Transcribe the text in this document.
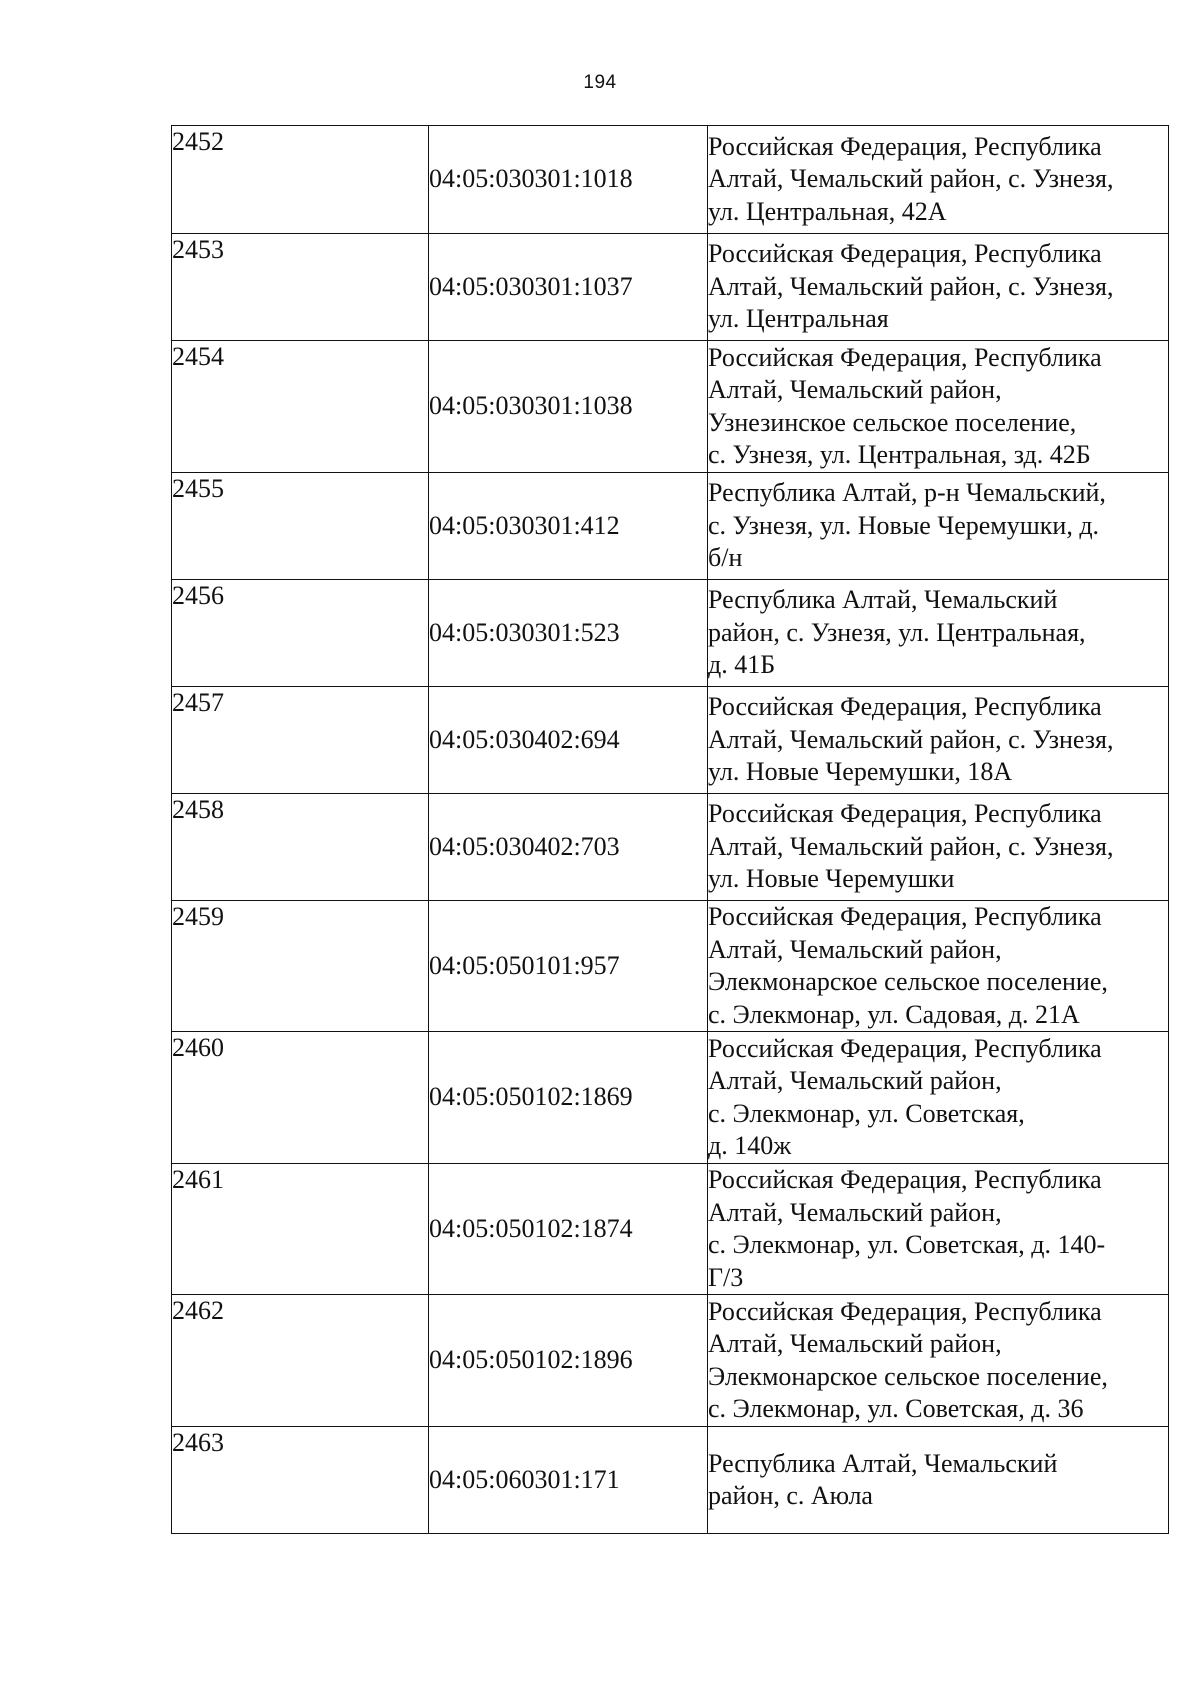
194
2452	04:05:030301:1018	Российская Федерация, Республика
Алтай, Чемальский район, с. Узнезя,
ул. Центральная, 42А
2453	04:05:030301:1037	Российская Федерация, Республика
Алтай, Чемальский район, с. Узнезя,
ул. Центральная
2454	04:05:030301:1038	Российская Федерация, Республика
Алтай, Чемальский район,
Узнезинское сельское поселение,
с. Узнезя, ул. Центральная, зд. 42Б
2455	04:05:030301:412	Республика Алтай, р-н Чемальский,
с. Узнезя, ул. Новые Черемушки, д.
б/н
2456	04:05:030301:523	Республика Алтай, Чемальский
район, с. Узнезя, ул. Центральная,
д. 41Б
2457	04:05:030402:694	Российская Федерация, Республика
Алтай, Чемальский район, с. Узнезя,
ул. Новые Черемушки, 18А
2458	04:05:030402:703	Российская Федерация, Республика
Алтай, Чемальский район, с. Узнезя,
ул. Новые Черемушки
2459	04:05:050101:957	Российская Федерация, Республика
Алтай, Чемальский район,
Элекмонарское сельское поселение,
с. Элекмонар, ул. Садовая, д. 21А
2460	04:05:050102:1869	Российская Федерация, Республика
Алтай, Чемальский район,
с. Элекмонар, ул. Советская,
д. 140ж
2461	04:05:050102:1874	Российская Федерация, Республика
Алтай, Чемальский район,
с. Элекмонар, ул. Советская, д. 140-
Г/3
2462	04:05:050102:1896	Российская Федерация, Республика
Алтай, Чемальский район,
Элекмонарское сельское поселение,
с. Элекмонар, ул. Советская, д. 36
2463	04:05:060301:171	Республика Алтай, Чемальский
район, с. Аюла
